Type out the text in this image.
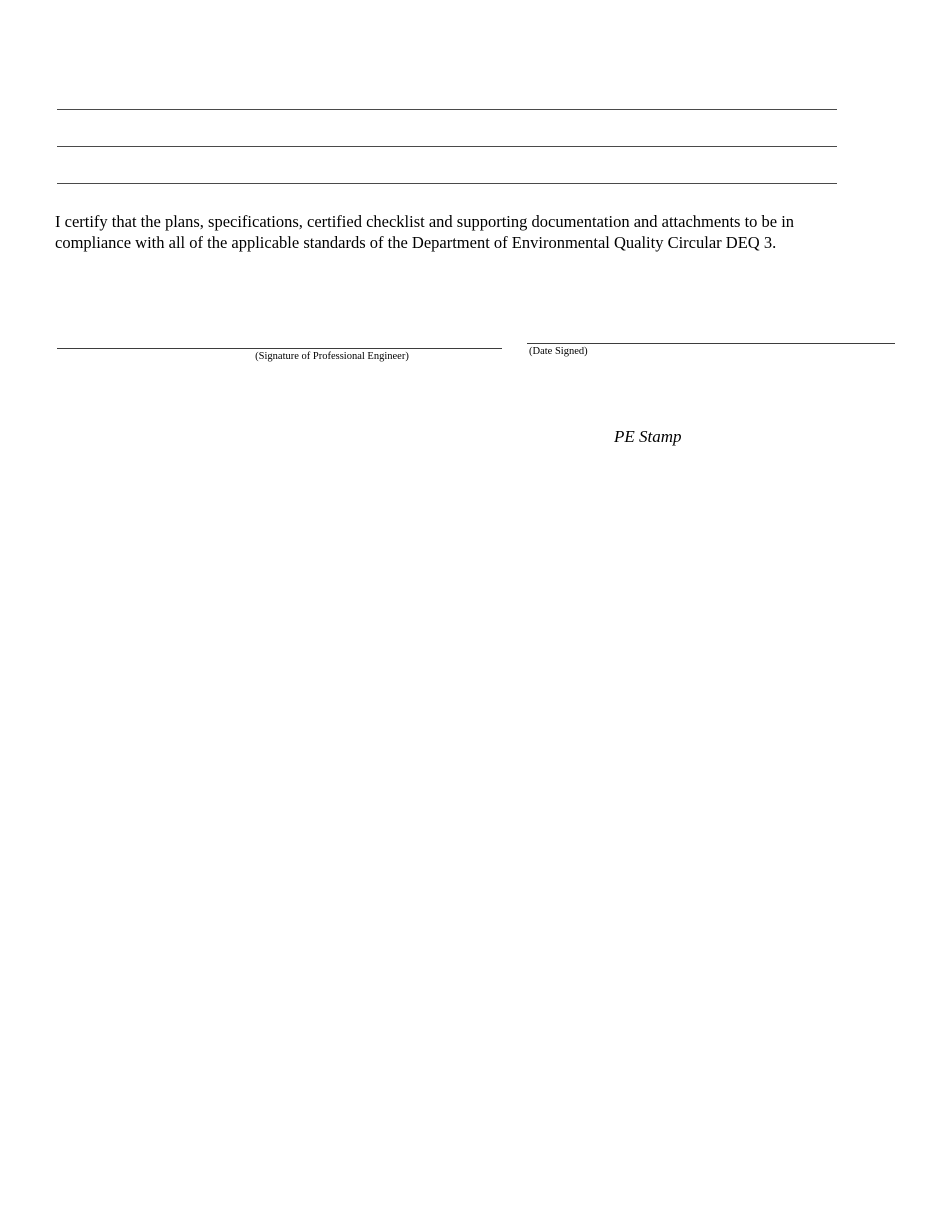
I certify that the plans, specifications, certified checklist and supporting documentation and attachments to be in
compliance with all of the applicable standards of the Department of Environmental Quality Circular DEQ 3.
(Signature of Professional Engineer)	(Date Signed)
PE Stamp
